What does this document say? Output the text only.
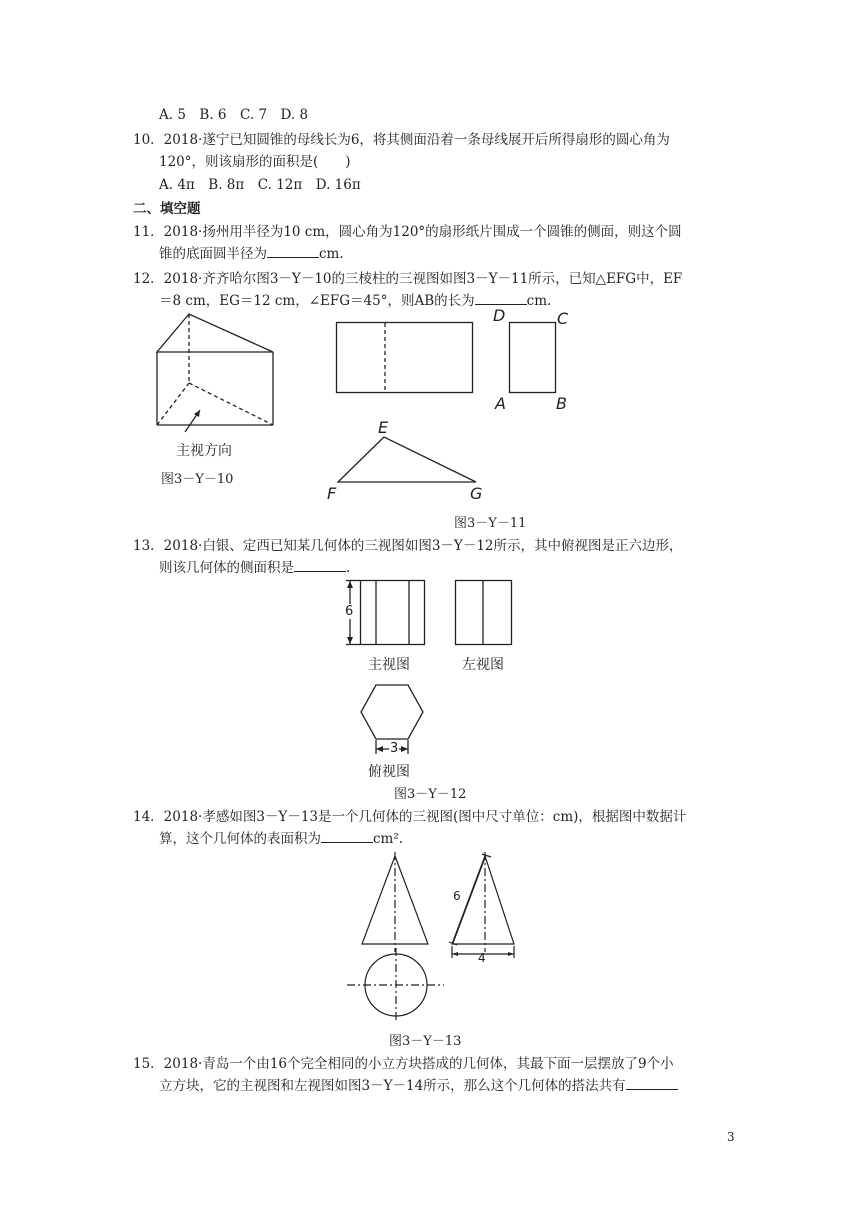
A. 5　B. 6　C. 7　D. 8
10．2018·遂宁已知圆锥的母线长为6，将其侧面沿着一条母线展开后所得扇形的圆心角为
120°，则该扇形的面积是(　　)
A. 4π　B. 8π　C. 12π　D. 16π
二、填空题
11．2018·扬州用半径为10 cm，圆心角为120°的扇形纸片围成一个圆锥的侧面，则这个圆
锥的底面圆半径为	cm.
12．2018·齐齐哈尔图3－Y－10的三棱柱的三视图如图3－Y－11所示，已知△EFG中，EF
＝8 cm，EG＝12 cm，∠EFG＝45°，则AB的长为	cm.
主视方向
图3－Y－10
D	C
A	B
E
F	G
图3－Y－11
13．2018·白银、定西已知某几何体的三视图如图3－Y－12所示，其中俯视图是正六边形，
则该几何体的侧面积是	.
6
主视图	左视图
3
俯视图
图3－Y－12
14．2018·孝感如图3－Y－13是一个几何体的三视图(图中尺寸单位：cm)，根据图中数据计
算，这个几何体的表面积为	cm².
6
4
图3－Y－13
15．2018·青岛一个由16个完全相同的小立方块搭成的几何体，其最下面一层摆放了9个小
立方块，它的主视图和左视图如图3－Y－14所示，那么这个几何体的搭法共有
3
